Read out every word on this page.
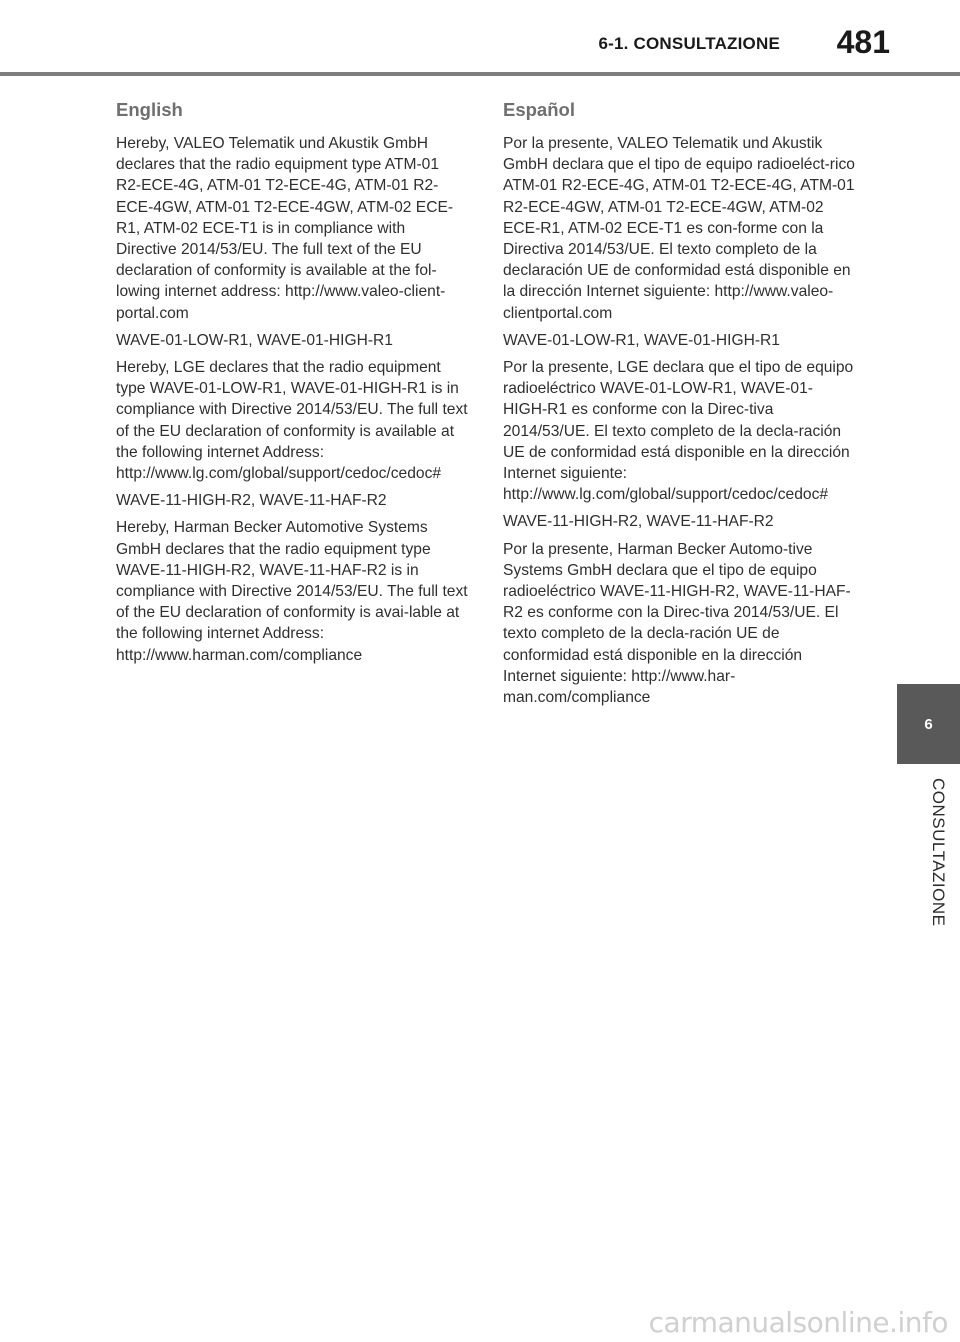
6-1. CONSULTAZIONE 481
English

Hereby, VALEO Telematik und Akustik GmbH declares that the radio equipment type ATM-01 R2-ECE-4G, ATM-01 T2-ECE-4G, ATM-01 R2-ECE-4GW, ATM-01 T2-ECE-4GW, ATM-02 ECE-R1, ATM-02 ECE-T1 is in compliance with Directive 2014/53/EU. The full text of the EU declaration of conformity is available at the fol-lowing internet address: http://www.valeo-client-portal.com

WAVE-01-LOW-R1, WAVE-01-HIGH-R1

Hereby, LGE declares that the radio equipment type WAVE-01-LOW-R1, WAVE-01-HIGH-R1 is in compliance with Directive 2014/53/EU. The full text of the EU declaration of conformity is available at the following internet Address: http://www.lg.com/global/support/cedoc/cedoc#

WAVE-11-HIGH-R2, WAVE-11-HAF-R2

Hereby, Harman Becker Automotive Systems GmbH declares that the radio equipment type WAVE-11-HIGH-R2, WAVE-11-HAF-R2 is in compliance with Directive 2014/53/EU. The full text of the EU declaration of conformity is avai-lable at the following internet Address: http://www.harman.com/compliance

Español

Por la presente, VALEO Telematik und Akustik GmbH declara que el tipo de equipo radioeléct-rico ATM-01 R2-ECE-4G, ATM-01 T2-ECE-4G, ATM-01 R2-ECE-4GW, ATM-01 T2-ECE-4GW, ATM-02 ECE-R1, ATM-02 ECE-T1 es con-forme con la Directiva 2014/53/UE. El texto completo de la declaración UE de conformidad está disponible en la dirección Internet siguiente: http://www.valeo-clientportal.com

WAVE-01-LOW-R1, WAVE-01-HIGH-R1

Por la presente, LGE declara que el tipo de equipo radioeléctrico WAVE-01-LOW-R1, WAVE-01-HIGH-R1 es conforme con la Direc-tiva 2014/53/UE. El texto completo de la decla-ración UE de conformidad está disponible en la dirección Internet siguiente: http://www.lg.com/global/support/cedoc/cedoc#

WAVE-11-HIGH-R2, WAVE-11-HAF-R2

Por la presente, Harman Becker Automo-tive Systems GmbH declara que el tipo de equipo radioeléctrico WAVE-11-HIGH-R2, WAVE-11-HAF-R2 es conforme con la Direc-tiva 2014/53/UE. El texto completo de la decla-ración UE de conformidad está disponible en la dirección Internet siguiente: http://www.har-man.com/compliance

6
CONSULTAZIONE
carmanualsonline.info
